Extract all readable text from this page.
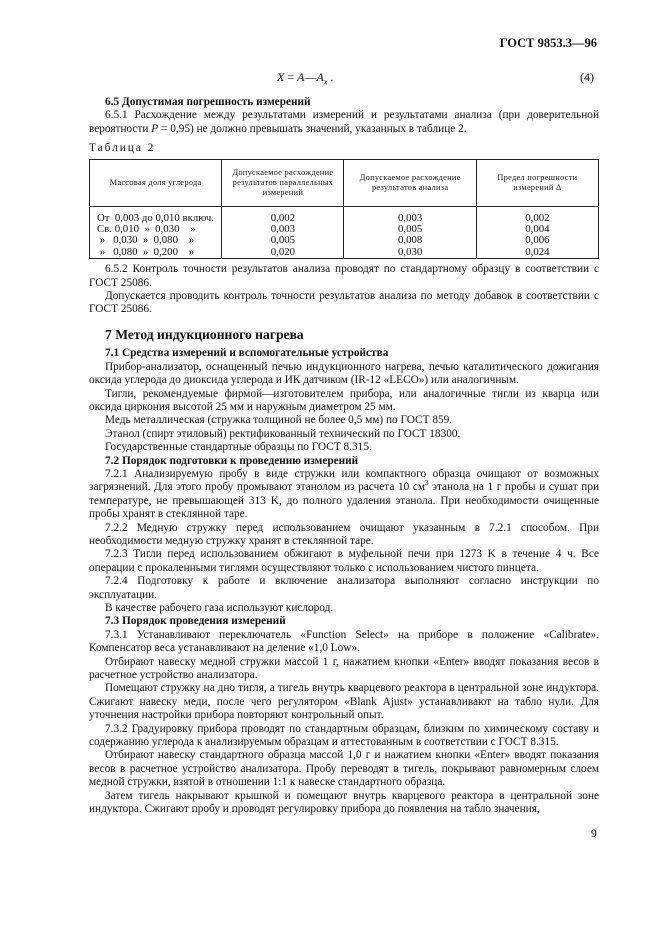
ГОСТ 9853.3—96
$X = A—A_x$ .	(4)

6.5 Допустимая погрешность измерений

6.5.1 Расхождение между результатами измерений и результатами анализа (при доверительной вероятности P = 0,95) не должно превышать значений, указанных в таблице 2.

Таблица 2

Массовая доля углерода	Допускаемое расхождение результатов параллельных измерений	Допускаемое расхождение результатов анализа	Предел погрешности измерений Δ

От  0,003 до 0,010 включ.	0,002	0,003	0,002
Св. 0,010  »  0,030    »	0,003	0,005	0,004
»   0,030  »  0,080    »	0,005	0,008	0,006
»   0,080  »  0,200    »	0,020	0,030	0,024

6.5.2 Контроль точности результатов анализа проводят по стандартному образцу в соответствии с ГОСТ 25086.

Допускается проводить контроль точности результатов анализа по методу добавок в соответствии с ГОСТ 25086.

7 Метод индукционного нагрева

7.1 Средства измерений и вспомогательные устройства

Прибор-анализатор, оснащенный печью индукционного нагрева, печью каталитического дожигания оксида углерода до диоксида углерода и ИК датчиком (IR-12 «LECO») или аналогичным.

Тигли, рекомендуемые фирмой—изготовителем прибора, или аналогичные тигли из кварца или оксида циркония высотой 25 мм и наружным диаметром 25 мм.

Медь металлическая (стружка толщиной не более 0,5 мм) по ГОСТ 859.

Этанол (спирт этиловый) ректификованный технический по ГОСТ 18300.

Государственные стандартные образцы по ГОСТ 8.315.

7.2 Порядок подготовки к проведению измерений

7.2.1 Анализируемую пробу в виде стружки или компактного образца очищают от возможных загрязнений. Для этого пробу промывают этанолом из расчета 10 $см^3$ этанола на 1 г пробы и сушат при температуре, не превышающей 313 K, до полного удаления этанола. При необходимости очищенные пробы хранят в стеклянной таре.

7.2.2 Медную стружку перед использованием очищают указанным в 7.2.1 способом. При необходимости медную стружку хранят в стеклянной таре.

7.2.3 Тигли перед использованием обжигают в муфельной печи при 1273 K в течение 4 ч. Все операции с прокаленными тиглями осуществляют только с использованием чистого пинцета.

7.2.4 Подготовку к работе и включение анализатора выполняют согласно инструкции по эксплуатации.

В качестве рабочего газа используют кислород.

7.3 Порядок проведения измерений

7.3.1 Устанавливают переключатель «Function Select» на приборе в положение «Calibrate». Компенсатор веса устанавливают на деление «1,0 Low».

Отбирают навеску медной стружки массой 1 г, нажатием кнопки «Enter» вводят показания весов в расчетное устройство анализатора.

Помещают стружку на дно тигля, а тигель внутрь кварцевого реактора в центральной зоне индуктора. Сжигают навеску меди, после чего регулятором «Blank Ajust» устанавливают на табло нули. Для уточнения настройки прибора повторяют контрольный опыт.

7.3.2 Градуировку прибора проводят по стандартным образцам, близким по химическому составу и содержанию углерода к анализируемым образцам и аттестованным в соответствии с ГОСТ 8.315.

Отбирают навеску стандартного образца массой 1,0 г и нажатием кнопки «Enter» вводят показания весов в расчетное устройство анализатора. Пробу переводят в тигель, покрывают равномерным слоем медной стружки, взятой в отношении 1:1 к навеске стандартного образца.

Затем тигель накрывают крышкой и помещают внутрь кварцевого реактора в центральной зоне индуктора. Сжигают пробу и проводят регулировку прибора до появления на табло значения,

9
